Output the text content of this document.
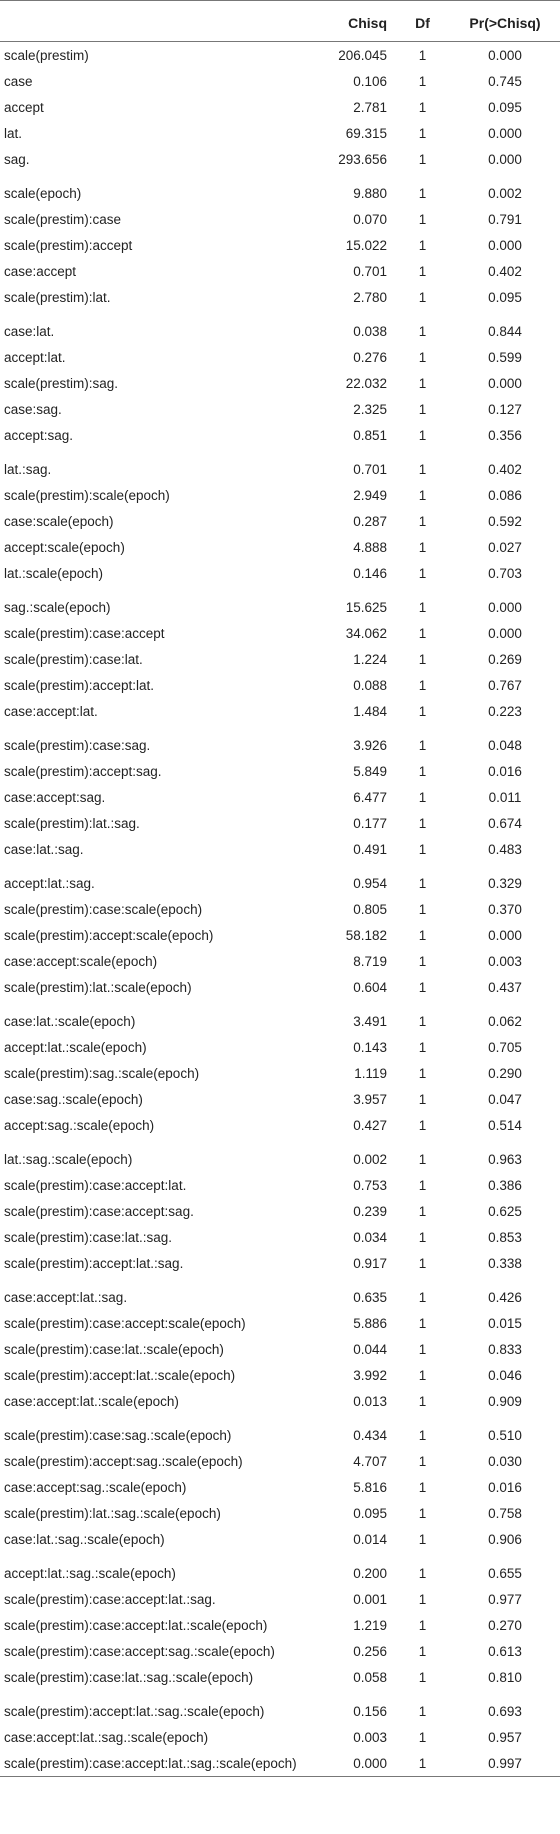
	Chisq	Df	Pr(>Chisq)
scale(prestim)	206.045	1	0.000
case	0.106	1	0.745
accept	2.781	1	0.095
lat.	69.315	1	0.000
sag.	293.656	1	0.000

scale(epoch)	9.880	1	0.002
scale(prestim):case	0.070	1	0.791
scale(prestim):accept	15.022	1	0.000
case:accept	0.701	1	0.402
scale(prestim):lat.	2.780	1	0.095

case:lat.	0.038	1	0.844
accept:lat.	0.276	1	0.599
scale(prestim):sag.	22.032	1	0.000
case:sag.	2.325	1	0.127
accept:sag.	0.851	1	0.356

lat.:sag.	0.701	1	0.402
scale(prestim):scale(epoch)	2.949	1	0.086
case:scale(epoch)	0.287	1	0.592
accept:scale(epoch)	4.888	1	0.027
lat.:scale(epoch)	0.146	1	0.703

sag.:scale(epoch)	15.625	1	0.000
scale(prestim):case:accept	34.062	1	0.000
scale(prestim):case:lat.	1.224	1	0.269
scale(prestim):accept:lat.	0.088	1	0.767
case:accept:lat.	1.484	1	0.223

scale(prestim):case:sag.	3.926	1	0.048
scale(prestim):accept:sag.	5.849	1	0.016
case:accept:sag.	6.477	1	0.011
scale(prestim):lat.:sag.	0.177	1	0.674
case:lat.:sag.	0.491	1	0.483

accept:lat.:sag.	0.954	1	0.329
scale(prestim):case:scale(epoch)	0.805	1	0.370
scale(prestim):accept:scale(epoch)	58.182	1	0.000
case:accept:scale(epoch)	8.719	1	0.003
scale(prestim):lat.:scale(epoch)	0.604	1	0.437

case:lat.:scale(epoch)	3.491	1	0.062
accept:lat.:scale(epoch)	0.143	1	0.705
scale(prestim):sag.:scale(epoch)	1.119	1	0.290
case:sag.:scale(epoch)	3.957	1	0.047
accept:sag.:scale(epoch)	0.427	1	0.514

lat.:sag.:scale(epoch)	0.002	1	0.963
scale(prestim):case:accept:lat.	0.753	1	0.386
scale(prestim):case:accept:sag.	0.239	1	0.625
scale(prestim):case:lat.:sag.	0.034	1	0.853
scale(prestim):accept:lat.:sag.	0.917	1	0.338

case:accept:lat.:sag.	0.635	1	0.426
scale(prestim):case:accept:scale(epoch)	5.886	1	0.015
scale(prestim):case:lat.:scale(epoch)	0.044	1	0.833
scale(prestim):accept:lat.:scale(epoch)	3.992	1	0.046
case:accept:lat.:scale(epoch)	0.013	1	0.909

scale(prestim):case:sag.:scale(epoch)	0.434	1	0.510
scale(prestim):accept:sag.:scale(epoch)	4.707	1	0.030
case:accept:sag.:scale(epoch)	5.816	1	0.016
scale(prestim):lat.:sag.:scale(epoch)	0.095	1	0.758
case:lat.:sag.:scale(epoch)	0.014	1	0.906

accept:lat.:sag.:scale(epoch)	0.200	1	0.655
scale(prestim):case:accept:lat.:sag.	0.001	1	0.977
scale(prestim):case:accept:lat.:scale(epoch)	1.219	1	0.270
scale(prestim):case:accept:sag.:scale(epoch)	0.256	1	0.613
scale(prestim):case:lat.:sag.:scale(epoch)	0.058	1	0.810

scale(prestim):accept:lat.:sag.:scale(epoch)	0.156	1	0.693
case:accept:lat.:sag.:scale(epoch)	0.003	1	0.957
scale(prestim):case:accept:lat.:sag.:scale(epoch)	0.000	1	0.997
